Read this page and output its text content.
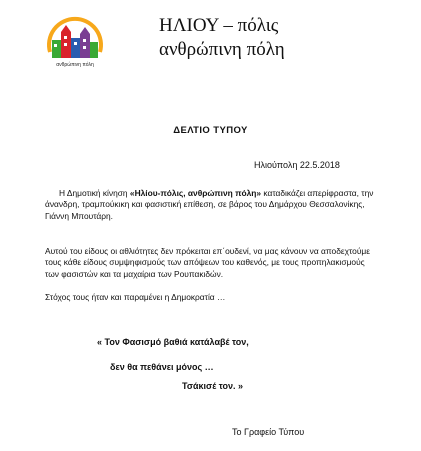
ανθρώπινη πόλη
ΗΛΙΟΥ – πόλις
ανθρώπινη πόλη
ΔΕΛΤΙΟ ΤΥΠΟΥ
Ηλιούπολη 22.5.2018
Η Δημοτική κίνηση «Ηλίου-πόλις, ανθρώπινη πόλη» καταδικάζει απερίφραστα, την άνανδρη, τραμπούκικη και φασιστική επίθεση, σε βάρος του Δημάρχου Θεσσαλονίκης, Γιάννη Μπουτάρη.
Αυτού του είδους οι αθλιότητες δεν πρόκειται επ΄ουδενί, να μας κάνουν να αποδεχτούμε τους κάθε είδους συμψηφισμούς των απόψεων του καθενός, με τους προπηλακισμούς των φασιστών και τα μαχαίρια των Ρουπακιδών.
Στόχος τους ήταν και παραμένει η Δημοκρατία …
« Τον Φασισμό βαθιά κατάλαβέ τον,
δεν θα πεθάνει μόνος …
Τσάκισέ τον. »
Το Γραφείο Τύπου
